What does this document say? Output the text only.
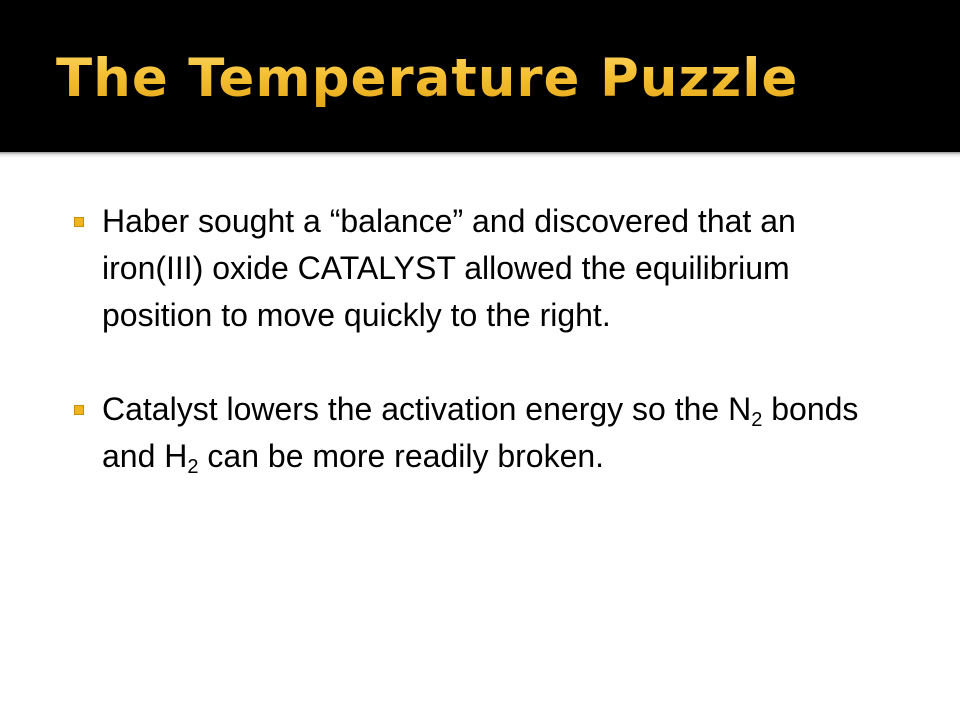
The Temperature Puzzle
Haber sought a “balance” and discovered that an iron(III) oxide CATALYST allowed the equilibrium position to move quickly to the right.
Catalyst lowers the activation energy so the $N_2$ bonds and $H_2$ can be more readily broken.
